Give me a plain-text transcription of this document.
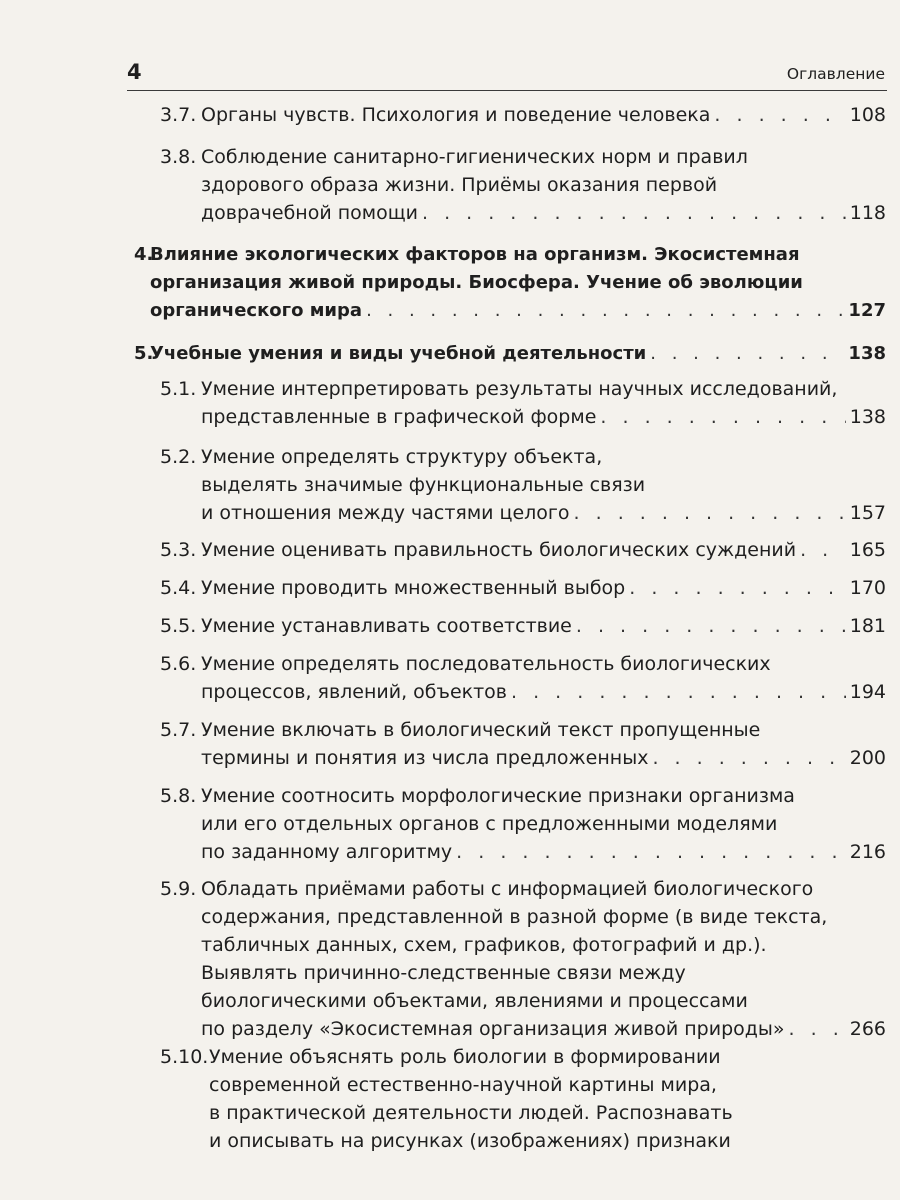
4	Оглавление
3.7. Органы чувств. Психология и поведение человека . . .	108
3.8. Соблюдение санитарно-гигиенических норм и правил
здорового образа жизни. Приёмы оказания первой
доврачебной помощи . . .	118
4.
Влияние экологических факторов на организм. Экосистемная
организация живой природы. Биосфера. Учение об эволюции
органического мира . . .	127
5.
Учебные умения и виды учебной деятельности . . .	138
5.1. Умение интерпретировать результаты научных исследований,
представленные в графической форме . . .	138
5.2. Умение определять структуру объекта,
выделять значимые функциональные связи
и отношения между частями целого . . .	157
5.3. Умение оценивать правильность биологических суждений . . .	165
5.4. Умение проводить множественный выбор . . .	170
5.5. Умение устанавливать соответствие . . .	181
5.6. Умение определять последовательность биологических
процессов, явлений, объектов . . .	194
5.7. Умение включать в биологический текст пропущенные
термины и понятия из числа предложенных . . .	200
5.8. Умение соотносить морфологические признаки организма
или его отдельных органов с предложенными моделями
по заданному алгоритму . . .	216
5.9. Обладать приёмами работы с информацией биологического
содержания, представленной в разной форме (в виде текста,
табличных данных, схем, графиков, фотографий и др.).
Выявлять причинно-следственные связи между
биологическими объектами, явлениями и процессами
по разделу «Экосистемная организация живой природы» . . .	266
5.10. Умение объяснять роль биологии в формировании
современной естественно-научной картины мира,
в практической деятельности людей. Распознавать
и описывать на рисунках (изображениях) признаки
